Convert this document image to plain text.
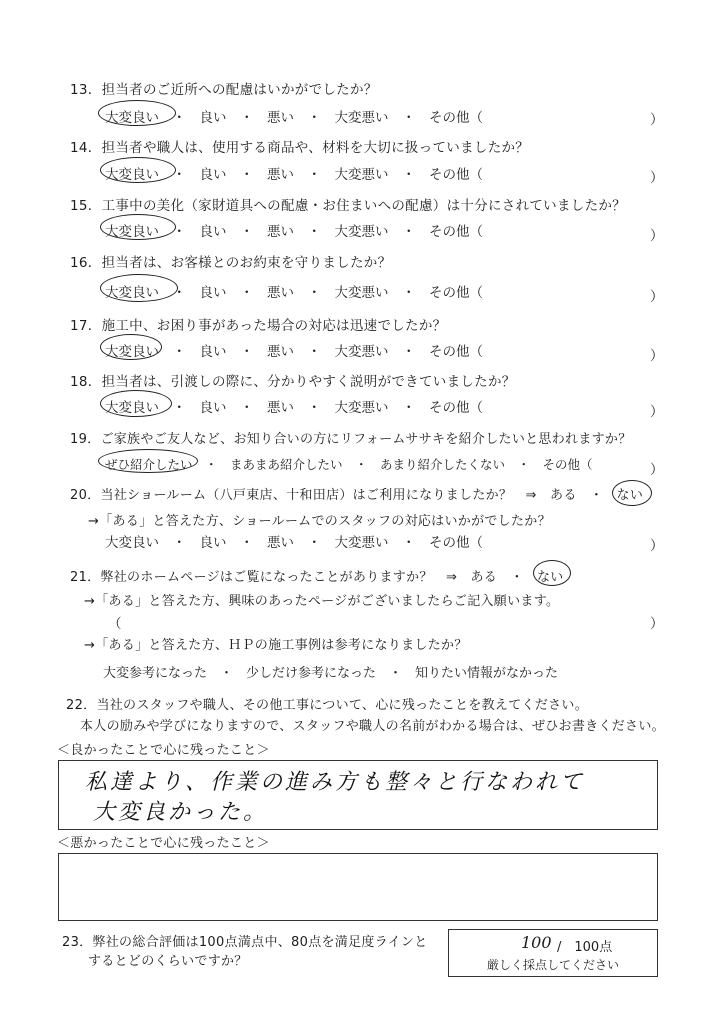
13．担当者のご近所への配慮はいかがでしたか？
大変良い　・　良い　・　悪い　・　大変悪い　・　その他（	）
14．担当者や職人は、使用する商品や、材料を大切に扱っていましたか？
大変良い　・　良い　・　悪い　・　大変悪い　・　その他（	）
15．工事中の美化（家財道具への配慮・お住まいへの配慮）は十分にされていましたか？
大変良い　・　良い　・　悪い　・　大変悪い　・　その他（	）
16．担当者は、お客様とのお約束を守りましたか？
大変良い　・　良い　・　悪い　・　大変悪い　・　その他（	）
17．施工中、お困り事があった場合の対応は迅速でしたか？
大変良い　・　良い　・　悪い　・　大変悪い　・　その他（	）
18．担当者は、引渡しの際に、分かりやすく説明ができていましたか？
大変良い　・　良い　・　悪い　・　大変悪い　・　その他（	）
19．ご家族やご友人など、お知り合いの方にリフォームササキを紹介したいと思われますか？
ぜひ紹介したい　・　まあまあ紹介したい　・　あまり紹介したくない　・　その他（	）
20．当社ショールーム（八戸東店、十和田店）はご利用になりましたか？　⇒　ある　・　ない
→「ある」と答えた方、ショールームでのスタッフの対応はいかがでしたか？
大変良い　・　良い　・　悪い　・　大変悪い　・　その他（	）
21．弊社のホームページはご覧になったことがありますか？　⇒　ある　・　ない
→「ある」と答えた方、興味のあったページがございましたらご記入願います。
（	）
→「ある」と答えた方、ＨＰの施工事例は参考になりましたか？
大変参考になった　・　少しだけ参考になった　・　知りたい情報がなかった
22．当社のスタッフや職人、その他工事について、心に残ったことを教えてください。
本人の励みや学びになりますので、スタッフや職人の名前がわかる場合は、ぜひお書きください。
＜良かったことで心に残ったこと＞
私達より、作業の進み方も整々と行なわれて
大変良かった。
＜悪かったことで心に残ったこと＞
23．弊社の総合評価は100点満点中、80点を満足度ラインと
するとどのくらいですか？
100 /　100点
厳しく採点してください
